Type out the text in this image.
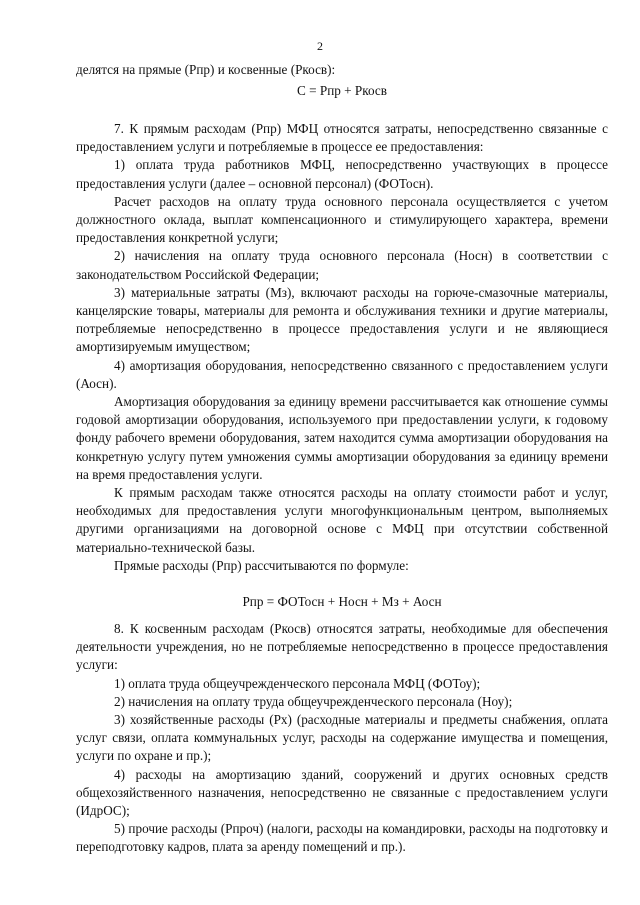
2

делятся на прямые (Рпр) и косвенные (Ркосв):

С = Рпр + Ркосв

7. К прямым расходам (Рпр) МФЦ относятся затраты, непосредственно связанные с предоставлением услуги и потребляемые в процессе ее предоставления:

1) оплата труда работников МФЦ, непосредственно участвующих в процессе предоставления услуги (далее – основной персонал) (ФОТосн).

Расчет расходов на оплату труда основного персонала осуществляется с учетом должностного оклада, выплат компенсационного и стимулирующего характера, времени предоставления конкретной услуги;

2) начисления на оплату труда основного персонала (Носн) в соответствии с законодательством Российской Федерации;

3) материальные затраты (Мз), включают расходы на горюче-смазочные материалы, канцелярские товары, материалы для ремонта и обслуживания техники и другие материалы, потребляемые непосредственно в процессе предоставления услуги и не являющиеся амортизируемым имуществом;

4) амортизация оборудования, непосредственно связанного с предоставлением услуги (Аосн).

Амортизация оборудования за единицу времени рассчитывается как отношение суммы годовой амортизации оборудования, используемого при предоставлении услуги, к годовому фонду рабочего времени оборудования, затем находится сумма амортизации оборудования на конкретную услугу путем умножения суммы амортизации оборудования за единицу времени на время предоставления услуги.

К прямым расходам также относятся расходы на оплату стоимости работ и услуг, необходимых для предоставления услуги многофункциональным центром, выполняемых другими организациями на договорной основе с МФЦ при отсутствии собственной материально-технической базы.

Прямые расходы (Рпр) рассчитываются по формуле:

Рпр = ФОТосн + Носн + Мз + Аосн

8. К косвенным расходам (Ркосв) относятся затраты, необходимые для обеспечения деятельности учреждения, но не потребляемые непосредственно в процессе предоставления услуги:

1) оплата труда общеучрежденческого персонала МФЦ (ФОТоу);

2) начисления на оплату труда общеучрежденческого персонала (Ноу);

3) хозяйственные расходы (Рх) (расходные материалы и предметы снабжения, оплата услуг связи, оплата коммунальных услуг, расходы на содержание имущества и помещения, услуги по охране и пр.);

4) расходы на амортизацию зданий, сооружений и других основных средств общехозяйственного назначения, непосредственно не связанные с предоставлением услуги (ИдрОС);

5) прочие расходы (Рпроч) (налоги, расходы на командировки, расходы на подготовку и переподготовку кадров, плата за аренду помещений и пр.).
